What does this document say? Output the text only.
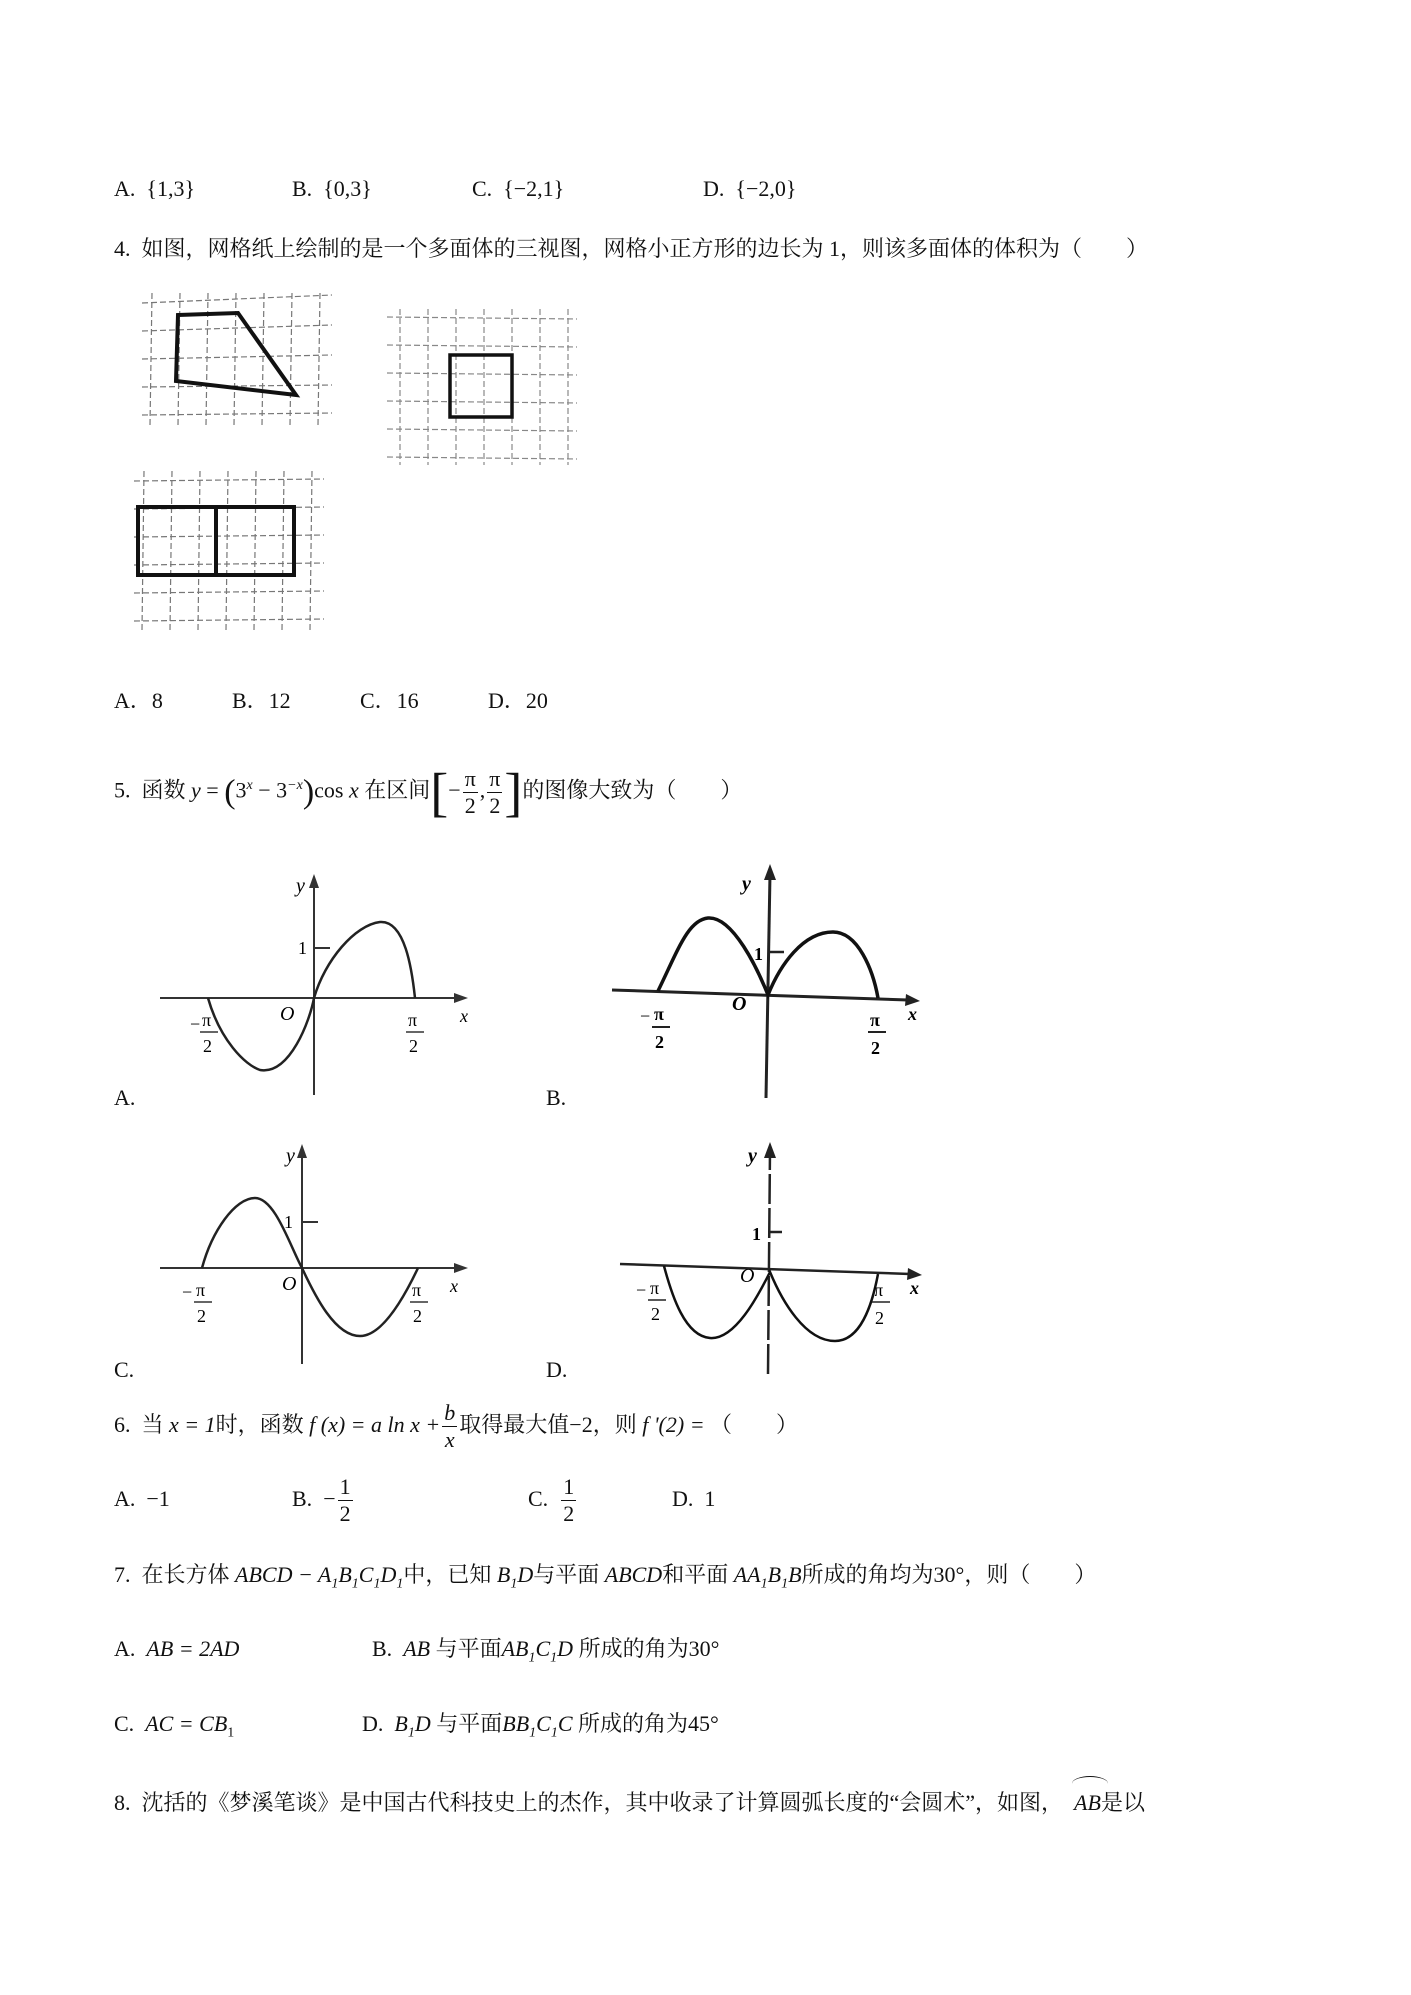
A. {1,3}	B. {0,3}	C. {−2,1}	D. {−2,0}
4. 如图，网格纸上绘制的是一个多面体的三视图，网格小正方形的边长为 1，则该多面体的体积为（　　）
A．8	B．12	C．16	D．20
5. 函数 $y = (3^x - 3^{-x})\cos$ x 在区间[− $\frac{\pi}{2}$ , $\frac{\pi}{2}$ ]的图像大致为（　　）
y
x
O
1
− π
2
π
2
A.
y
x
O
1
− π
2
π
2
B.
y
x
O
1
− π
2
π
2
C.
y
x
O
1
− π
2
π
2
D.
6. 当 x = 1时，函数 f (x) = a $\ln x + \frac{b}{x}$ 取得最大值−2，则 f '(2) = （　　）
A. −1	B. − $\frac{1}{2}$	C. $\frac{1}{2}$	D. 1
7. 在长方体 ABCD − $A_1B_1C_1D_1$中，已知 $B_1D$与平面 ABCD和平面 $AA_1B_1B$所成的角均为30°，则（　　）
A. AB = 2AD	B. AB 与平面$AB_1C_1D$ 所成的角为30°
C. AC = $CB_1$	D. $B_1D$ 与平面$BB_1C_1C$ 所成的角为45°
8. 沈括的《梦溪笔谈》是中国古代科技史上的杰作，其中收录了计算圆弧长度的“会圆术”，如图， AB是以
